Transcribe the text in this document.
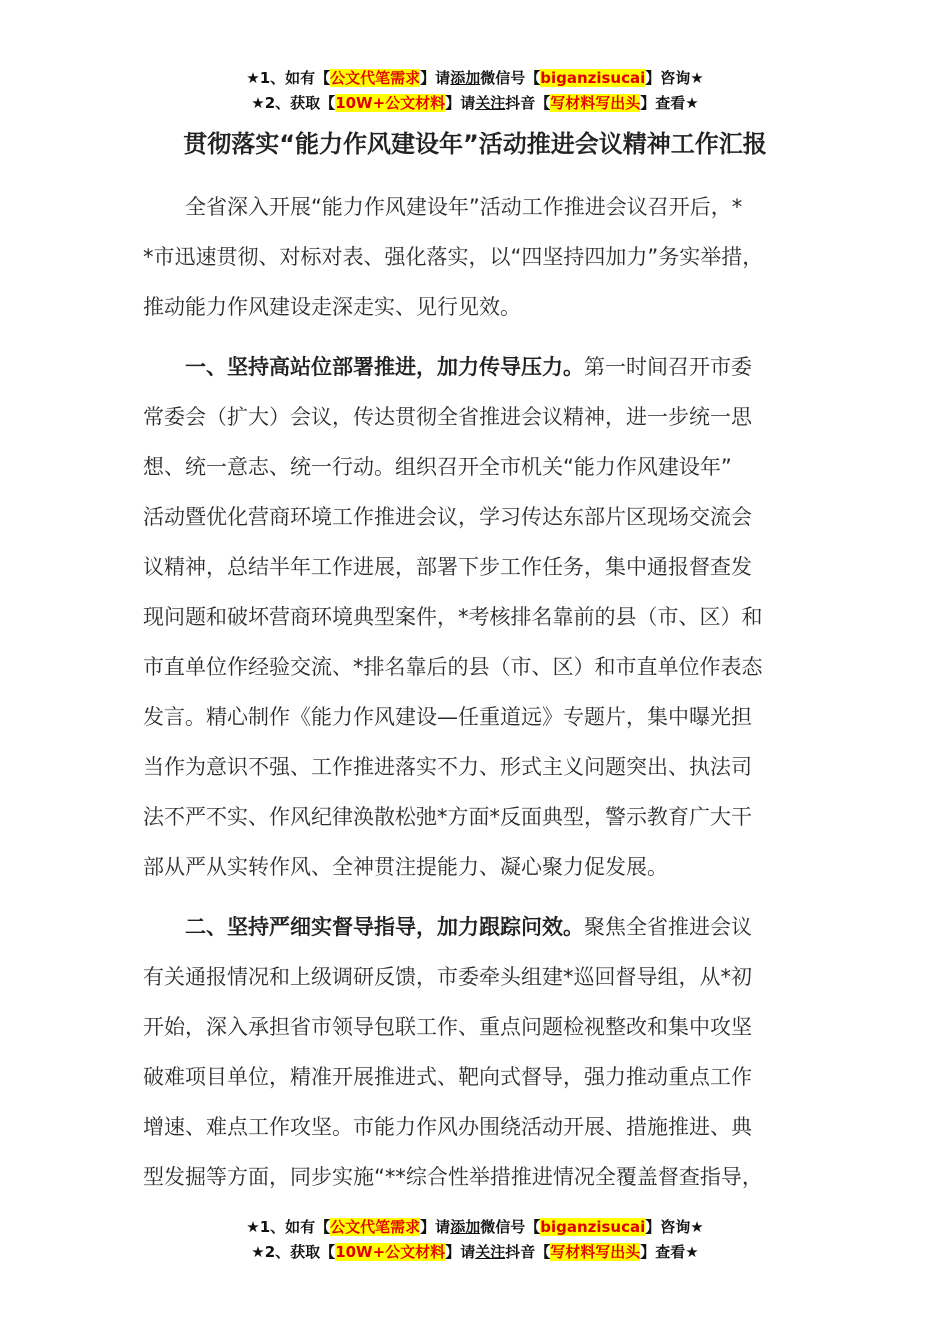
★1、如有【公文代笔需求】请添加微信号【biganzisucai】咨询★
★2、获取【10W+公文材料】请关注抖音【写材料写出头】查看★
贯彻落实“能力作风建设年”活动推进会议精神工作汇报

全省深入开展“能力作风建设年”活动工作推进会议召开后，*
*市迅速贯彻、对标对表、强化落实，以“四坚持四加力”务实举措，
推动能力作风建设走深走实、见行见效。

一、坚持高站位部署推进，加力传导压力。第一时间召开市委
常委会（扩大）会议，传达贯彻全省推进会议精神，进一步统一思
想、统一意志、统一行动。组织召开全市机关“能力作风建设年”
活动暨优化营商环境工作推进会议，学习传达东部片区现场交流会
议精神，总结半年工作进展，部署下步工作任务，集中通报督查发
现问题和破坏营商环境典型案件，*考核排名靠前的县（市、区）和
市直单位作经验交流、*排名靠后的县（市、区）和市直单位作表态
发言。精心制作《能力作风建设—任重道远》专题片，集中曝光担
当作为意识不强、工作推进落实不力、形式主义问题突出、执法司
法不严不实、作风纪律涣散松弛*方面*反面典型，警示教育广大干
部从严从实转作风、全神贯注提能力、凝心聚力促发展。

二、坚持严细实督导指导，加力跟踪问效。聚焦全省推进会议
有关通报情况和上级调研反馈，市委牵头组建*巡回督导组，从*初
开始，深入承担省市领导包联工作、重点问题检视整改和集中攻坚
破难项目单位，精准开展推进式、靶向式督导，强力推动重点工作
增速、难点工作攻坚。市能力作风办围绕活动开展、措施推进、典
型发掘等方面，同步实施“**综合性举措推进情况全覆盖督查指导，

★1、如有【公文代笔需求】请添加微信号【biganzisucai】咨询★
★2、获取【10W+公文材料】请关注抖音【写材料写出头】查看★
